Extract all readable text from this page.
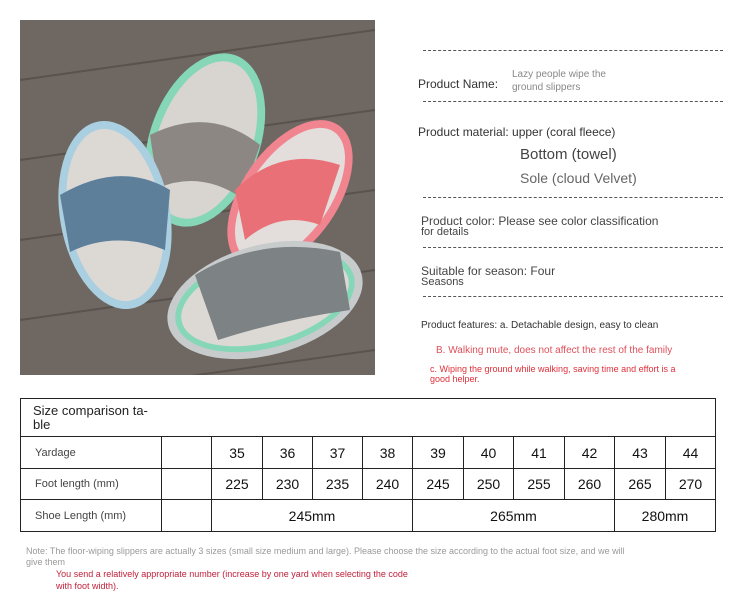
Product Name:
Lazy people wipe the
ground slippers
Product material: upper (coral fleece)
Bottom (towel)
Sole (cloud Velvet)
Product color: Please see color classification
for details
Suitable for season: Four
Seasons
Product features: a. Detachable design, easy to clean
B. Walking mute, does not affect the rest of the family
c. Wiping the ground while walking, saving time and effort is a
good helper.
Size comparison ta-
ble											

Yardage		35	36	37	38	39	40	41	42	43	44
Foot length (mm)		225	230	235	240	245	250	255	260	265	270
Shoe Length (mm)		245mm				265mm				280mm	
Note: The floor-wiping slippers are actually 3 sizes (small size medium and large). Please choose the size according to the actual foot size, and we will
give them
You send a relatively appropriate number (increase by one yard when selecting the code
with foot width).
